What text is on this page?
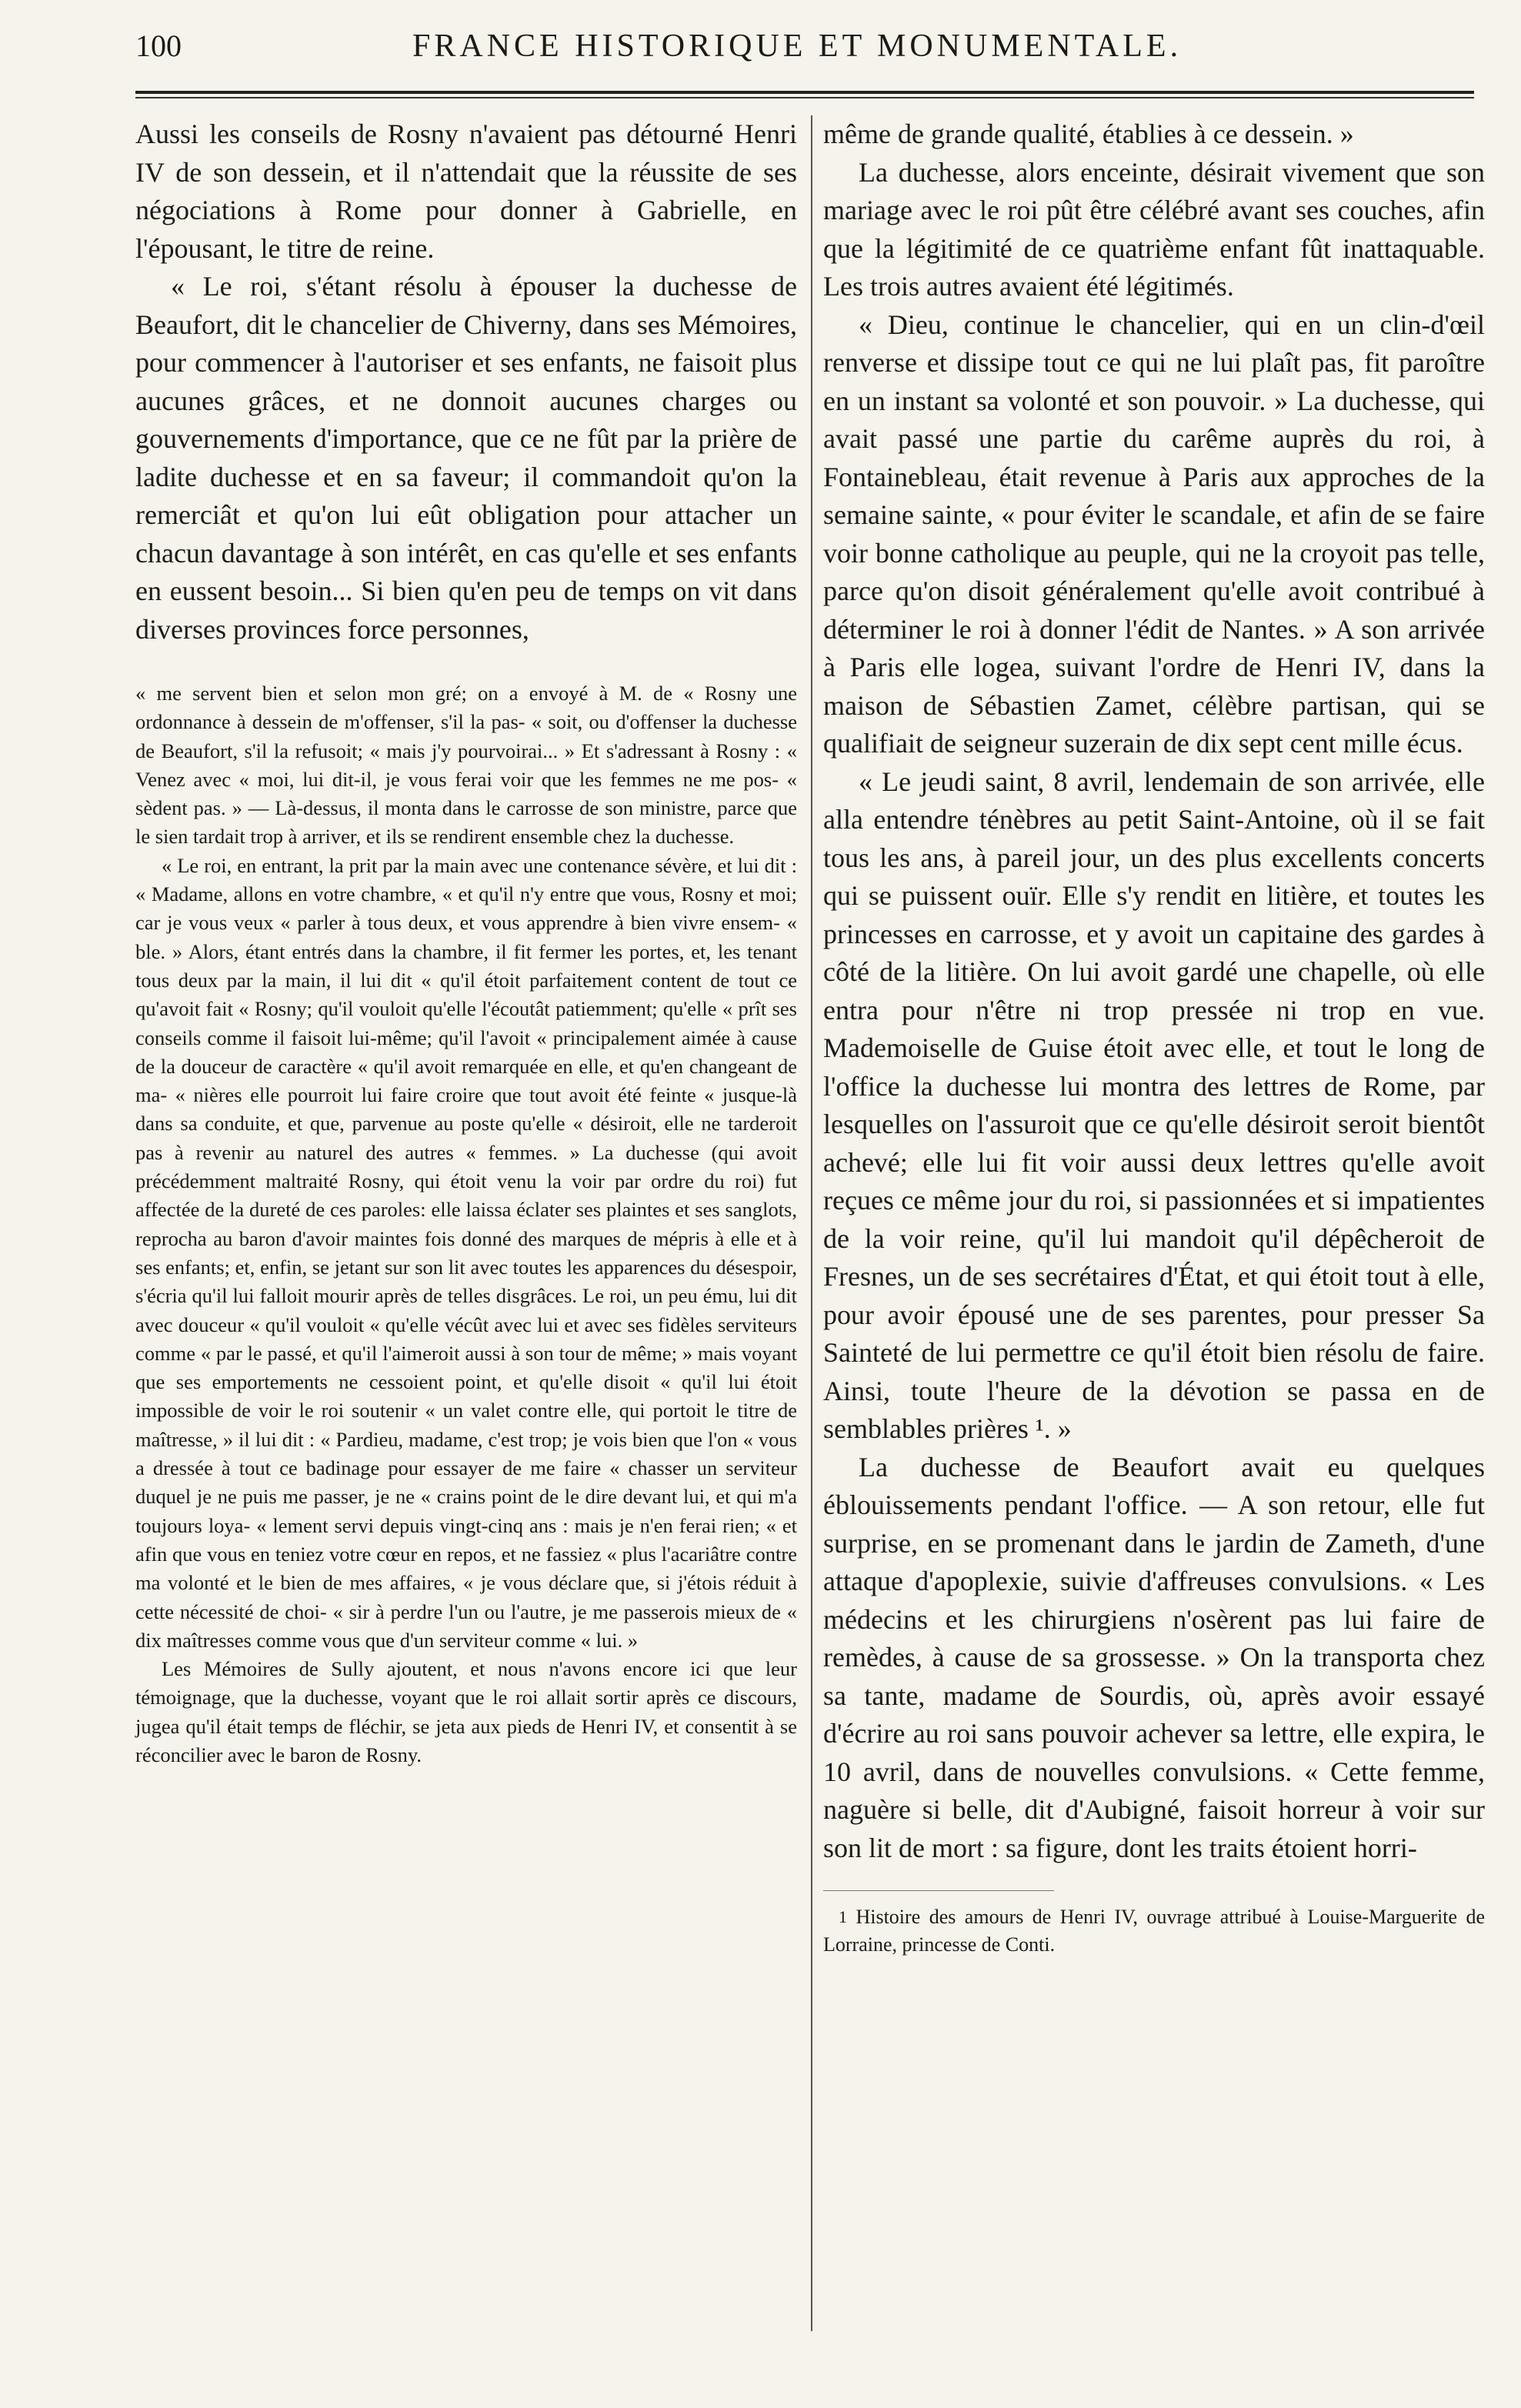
100	FRANCE HISTORIQUE ET MONUMENTALE.

Aussi les conseils de Rosny n'avaient pas détourné Henri IV de son dessein, et il n'attendait que la réussite de ses négociations à Rome pour donner à Gabrielle, en l'épousant, le titre de reine.

« Le roi, s'étant résolu à épouser la duchesse de Beaufort, dit le chancelier de Chiverny, dans ses Mémoires, pour commencer à l'autoriser et ses enfants, ne faisoit plus aucunes grâces, et ne donnoit aucunes charges ou gouvernements d'importance, que ce ne fût par la prière de ladite duchesse et en sa faveur; il commandoit qu'on la remerciât et qu'on lui eût obligation pour attacher un chacun davantage à son intérêt, en cas qu'elle et ses enfants en eussent besoin... Si bien qu'en peu de temps on vit dans diverses provinces force personnes,

« me servent bien et selon mon gré; on a envoyé à M. de « Rosny une ordonnance à dessein de m'offenser, s'il la pas- « soit, ou d'offenser la duchesse de Beaufort, s'il la refusoit; « mais j'y pourvoirai... » Et s'adressant à Rosny : « Venez avec « moi, lui dit-il, je vous ferai voir que les femmes ne me pos- « sèdent pas. » — Là-dessus, il monta dans le carrosse de son ministre, parce que le sien tardait trop à arriver, et ils se rendirent ensemble chez la duchesse.

« Le roi, en entrant, la prit par la main avec une contenance sévère, et lui dit : « Madame, allons en votre chambre, « et qu'il n'y entre que vous, Rosny et moi; car je vous veux « parler à tous deux, et vous apprendre à bien vivre ensem- « ble. » Alors, étant entrés dans la chambre, il fit fermer les portes, et, les tenant tous deux par la main, il lui dit « qu'il étoit parfaitement content de tout ce qu'avoit fait « Rosny; qu'il vouloit qu'elle l'écoutât patiemment; qu'elle « prît ses conseils comme il faisoit lui-même; qu'il l'avoit « principalement aimée à cause de la douceur de caractère « qu'il avoit remarquée en elle, et qu'en changeant de ma- « nières elle pourroit lui faire croire que tout avoit été feinte « jusque-là dans sa conduite, et que, parvenue au poste qu'elle « désiroit, elle ne tarderoit pas à revenir au naturel des autres « femmes. » La duchesse (qui avoit précédemment maltraité Rosny, qui étoit venu la voir par ordre du roi) fut affectée de la dureté de ces paroles: elle laissa éclater ses plaintes et ses sanglots, reprocha au baron d'avoir maintes fois donné des marques de mépris à elle et à ses enfants; et, enfin, se jetant sur son lit avec toutes les apparences du désespoir, s'écria qu'il lui falloit mourir après de telles disgrâces. Le roi, un peu ému, lui dit avec douceur « qu'il vouloit « qu'elle vécût avec lui et avec ses fidèles serviteurs comme « par le passé, et qu'il l'aimeroit aussi à son tour de même; » mais voyant que ses emportements ne cessoient point, et qu'elle disoit « qu'il lui étoit impossible de voir le roi soutenir « un valet contre elle, qui portoit le titre de maîtresse, » il lui dit : « Pardieu, madame, c'est trop; je vois bien que l'on « vous a dressée à tout ce badinage pour essayer de me faire « chasser un serviteur duquel je ne puis me passer, je ne « crains point de le dire devant lui, et qui m'a toujours loya- « lement servi depuis vingt-cinq ans : mais je n'en ferai rien; « et afin que vous en teniez votre cœur en repos, et ne fassiez « plus l'acariâtre contre ma volonté et le bien de mes affaires, « je vous déclare que, si j'étois réduit à cette nécessité de choi- « sir à perdre l'un ou l'autre, je me passerois mieux de « dix maîtresses comme vous que d'un serviteur comme « lui. »

Les Mémoires de Sully ajoutent, et nous n'avons encore ici que leur témoignage, que la duchesse, voyant que le roi allait sortir après ce discours, jugea qu'il était temps de fléchir, se jeta aux pieds de Henri IV, et consentit à se réconcilier avec le baron de Rosny.

même de grande qualité, établies à ce dessein. »

La duchesse, alors enceinte, désirait vivement que son mariage avec le roi pût être célébré avant ses couches, afin que la légitimité de ce quatrième enfant fût inattaquable. Les trois autres avaient été légitimés.

« Dieu, continue le chancelier, qui en un clin-d'œil renverse et dissipe tout ce qui ne lui plaît pas, fit paroître en un instant sa volonté et son pouvoir. » La duchesse, qui avait passé une partie du carême auprès du roi, à Fontainebleau, était revenue à Paris aux approches de la semaine sainte, « pour éviter le scandale, et afin de se faire voir bonne catholique au peuple, qui ne la croyoit pas telle, parce qu'on disoit généralement qu'elle avoit contribué à déterminer le roi à donner l'édit de Nantes. » A son arrivée à Paris elle logea, suivant l'ordre de Henri IV, dans la maison de Sébastien Zamet, célèbre partisan, qui se qualifiait de seigneur suzerain de dix sept cent mille écus.

« Le jeudi saint, 8 avril, lendemain de son arrivée, elle alla entendre ténèbres au petit Saint-Antoine, où il se fait tous les ans, à pareil jour, un des plus excellents concerts qui se puissent ouïr. Elle s'y rendit en litière, et toutes les princesses en carrosse, et y avoit un capitaine des gardes à côté de la litière. On lui avoit gardé une chapelle, où elle entra pour n'être ni trop pressée ni trop en vue. Mademoiselle de Guise étoit avec elle, et tout le long de l'office la duchesse lui montra des lettres de Rome, par lesquelles on l'assuroit que ce qu'elle désiroit seroit bientôt achevé; elle lui fit voir aussi deux lettres qu'elle avoit reçues ce même jour du roi, si passionnées et si impatientes de la voir reine, qu'il lui mandoit qu'il dépêcheroit de Fresnes, un de ses secrétaires d'État, et qui étoit tout à elle, pour avoir épousé une de ses parentes, pour presser Sa Sainteté de lui permettre ce qu'il étoit bien résolu de faire. Ainsi, toute l'heure de la dévotion se passa en de semblables prières ¹. »

La duchesse de Beaufort avait eu quelques éblouissements pendant l'office. — A son retour, elle fut surprise, en se promenant dans le jardin de Zameth, d'une attaque d'apoplexie, suivie d'affreuses convulsions. « Les médecins et les chirurgiens n'osèrent pas lui faire de remèdes, à cause de sa grossesse. » On la transporta chez sa tante, madame de Sourdis, où, après avoir essayé d'écrire au roi sans pouvoir achever sa lettre, elle expira, le 10 avril, dans de nouvelles convulsions. « Cette femme, naguère si belle, dit d'Aubigné, faisoit horreur à voir sur son lit de mort : sa figure, dont les traits étoient horri-

$^1$ Histoire des amours de Henri IV, ouvrage attribué à Louise-Marguerite de Lorraine, princesse de Conti.
